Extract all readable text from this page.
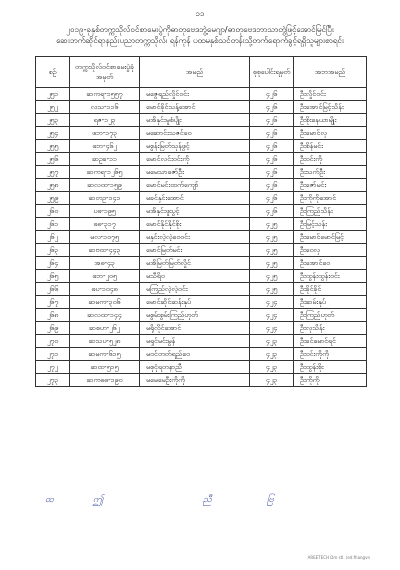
၁၁
၂၀၁၉-ခုနှစ်တက္ကသိုလ်ဝင်စာမေးပွဲကိုဓာတုဗေဒဘွဲ့မေဂျာ/ဓာတုဗေဒဘာသာတွဲဖြင့်အောင်မြင်ပြီး
ဆေးဘက်ဆိုင်ရာနည်းပညာတက္ကသိုလ်၊ ရန်ကုန် ပထမနှစ်သင်တန်းသို့တက်ရောက်ခွင့်ရရှိသူများစာရင်း
စဉ်	တက္ကသိုလ်ဝင်စာမေးပွဲခုံအမှတ်	အမည်	စုစုပေါင်းရမှတ်	အဘအမည်
၂၅၁	ဆကရ-၁၅၅၇	မဇွေရည်လှိုင်ဝင်း	၄၂၆	ဦးလှိုင်ဝင်း
၂၅၂	လသ-၁၁၆	မောင်ခိုင်သန့်အောင်	၄၂၆	ဦးအောင်မြင့်သိန်း
၂၅၃	ရဇ-၁၂၃	မအိနှင်းမူစံပျိုး	၄၂၆	ဦးစိုးနေယာမျိုး
၂၅၄	ဖဘ-၁၇၃	မဆောင်းသဇင်ဝေ	၄၂၆	ဦးမောင်လှ
၂၅၅	ဖဘ-၄၆၂	မစွန်းမြတ်သုန်ဖွင့်	၄၂၆	ဦးစိန်မင်း
၂၅၆	ဆဥခ-၁၁	မောင်လင်းဝင်းကို	၄၂၆	ဦးဝင်းကို
၂၅၇	ဆကရ-၁၂၆၅	မမေသာဇော်ဦး	၄၂၆	ဦးသက်ဦး
၂၅၈	ဆလထ-၁၅၉	မောင်မင်းထက်ကျော်	၄၂၆	ဦးဇော်မင်း
၂၅၉	ဆတဥ-၁၄၁	မခင်နှင်းအောင်	၄၂၆	ဦးကိုကိုအောင်
၂၆၀	ပဖ-၁၉၅	မအိနှင်းဖူးပွင့်	၄၂၆	ဦးကြည်သိန်း
၂၆၁	ဖဓ-၃၁၇	မောင်နိုင်နိုင်စိုး	၄၂၅	ဦးမြင့်သန်း
၂၆၂	မလ-၁၀၇၅	မနှင်းလဲ့လဲ့ဝေဝင်း	၄၂၅	ဦးမောင်မောင်မြင့်
၂၆၃	ဆဗထ-၄၄၃	မောင်မြတ်မင်း	၄၂၅	ဦးဝေလှ
၂၆၄	အဓ-၄၃	မအိမြတ်မြတ်လှိုင်	၄၂၅	ဦးအောင်ဝေ
၂၆၅	ဖဘ-၂၀၅	မသီရိဝ	၄၂၅	ဦးထွန်းထွန်းဝင်း
၂၆၆	ဖပ-၁၀၄၈	မကြည်လဲ့လဲ့ဝင်း	၄၂၅	ဦးခိုင်ခိုင်
၂၆၇	ဆမက-၃၀၆	မောင်ဆိုင်ဆန်းနုပ်	၄၂၄	ဦးဆမ်းနုပ်
၂၆၈	ဆလထ-၁၄၄	မစွမ်းစွမ်းကြည်ဟုတ်	၄၂၄	ဦးကြည်ဟုတ်
၂၆၉	ဆစဟ-၂၆၂	မရိုလိုင်အောင်	၄၂၄	ဦးလှသိန်း
၂၇၀	ဆသပ-၅၂၈	မရှင်မင်းမွန်	၄၂၃	ဦးခင်မောင်ရင်
၂၇၁	ဆမက-၆၁၅	မဝင်တတ်ရည်ဝေ	၄၂၃	ဦးဝင်းကိုကို
၂၇၂	ဆထ-၅၁၅	မစုငုံရတနာညီ	၄၂၃	ဦးထွန်းစိုး
၂၇၃	ဆကဓဓ-၁၉၀	မမေမေဦးကိုကို	၄၂၃	ဦးကိုကို
ထ	ဤ	ညီ	ဗြ
AREETECH Dm stl. (ed.fhangvn
